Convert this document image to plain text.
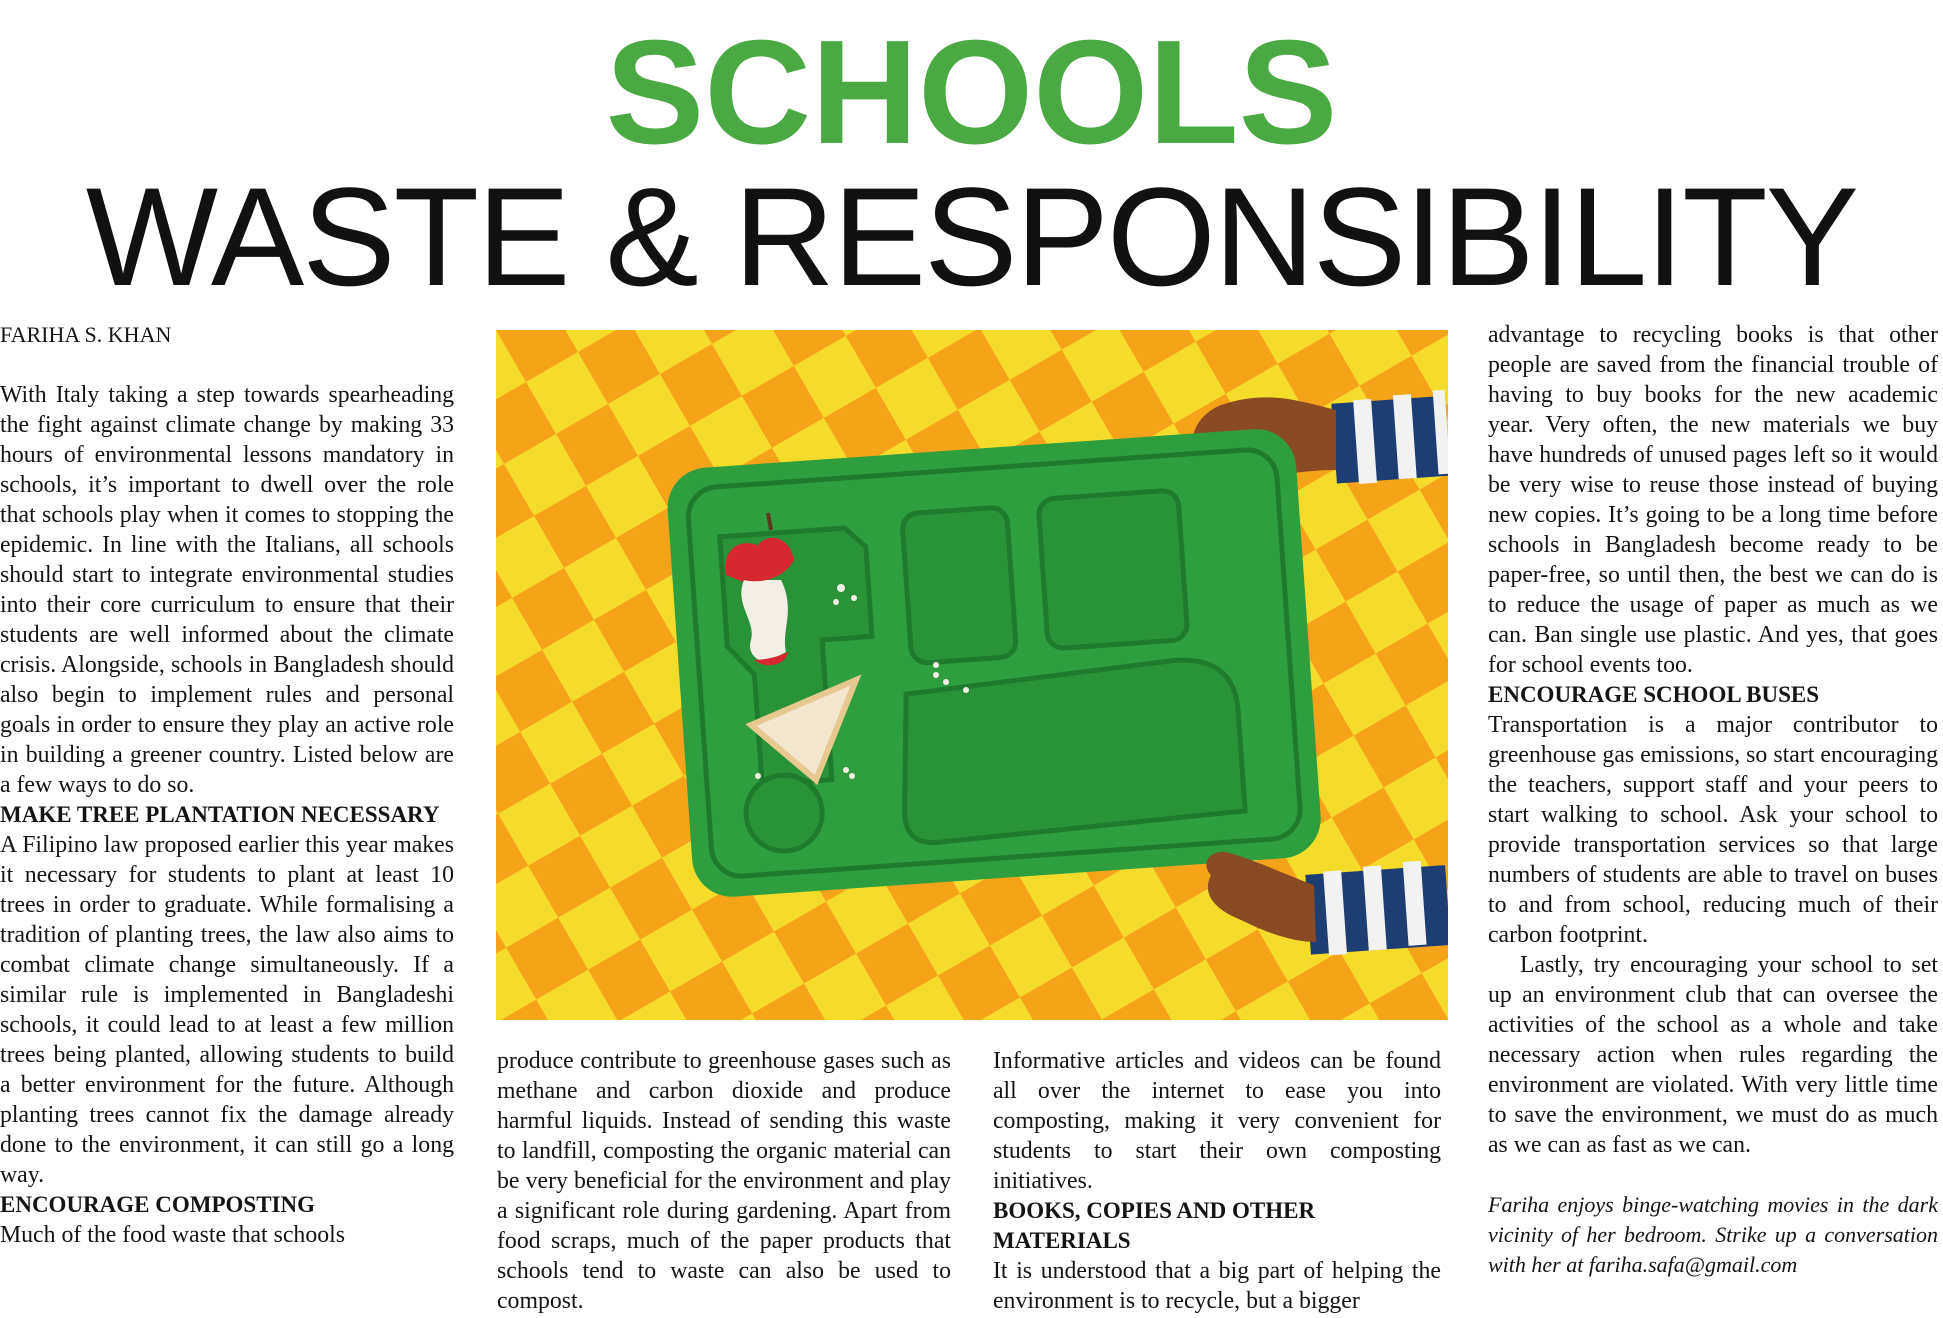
SCHOOLS
WASTE & RESPONSIBILITY

FARIHA S. KHAN

With Italy taking a step towards spearheading the fight against climate change by making 33 hours of environmental lessons mandatory in schools, it’s important to dwell over the role that schools play when it comes to stopping the epidemic. In line with the Italians, all schools should start to integrate environmental studies into their core curriculum to ensure that their students are well informed about the climate crisis. Alongside, schools in Bangladesh should also begin to implement rules and personal goals in order to ensure they play an active role in building a greener country. Listed below are a few ways to do so.

MAKE TREE PLANTATION NECESSARY

A Filipino law proposed earlier this year makes it necessary for students to plant at least 10 trees in order to graduate. While formalising a tradition of planting trees, the law also aims to combat climate change simultaneously. If a similar rule is implemented in Bangladeshi schools, it could lead to at least a few million trees being planted, allowing students to build a better environment for the future. Although planting trees cannot fix the damage already done to the environment, it can still go a long way.

ENCOURAGE COMPOSTING

Much of the food waste that schools

produce contribute to greenhouse gases such as methane and carbon dioxide and produce harmful liquids. Instead of sending this waste to landfill, composting the organic material can be very beneficial for the environment and play a significant role during gardening. Apart from food scraps, much of the paper products that schools tend to waste can also be used to compost.

Informative articles and videos can be found all over the internet to ease you into composting, making it very convenient for students to start their own composting initiatives.

BOOKS, COPIES AND OTHER MATERIALS

It is understood that a big part of helping the environment is to recycle, but a bigger

advantage to recycling books is that other people are saved from the financial trouble of having to buy books for the new academic year. Very often, the new materials we buy have hundreds of unused pages left so it would be very wise to reuse those instead of buying new copies. It’s going to be a long time before schools in Bangladesh become ready to be paper-free, so until then, the best we can do is to reduce the usage of paper as much as we can. Ban single use plastic. And yes, that goes for school events too.

ENCOURAGE SCHOOL BUSES

Transportation is a major contributor to greenhouse gas emissions, so start encouraging the teachers, support staff and your peers to start walking to school. Ask your school to provide transportation services so that large numbers of students are able to travel on buses to and from school, reducing much of their carbon footprint.

Lastly, try encouraging your school to set up an environment club that can oversee the activities of the school as a whole and take necessary action when rules regarding the environment are violated. With very little time to save the environment, we must do as much as we can as fast as we can.

Fariha enjoys binge-watching movies in the dark vicinity of her bedroom. Strike up a conversation with her at fariha.safa@gmail.com
